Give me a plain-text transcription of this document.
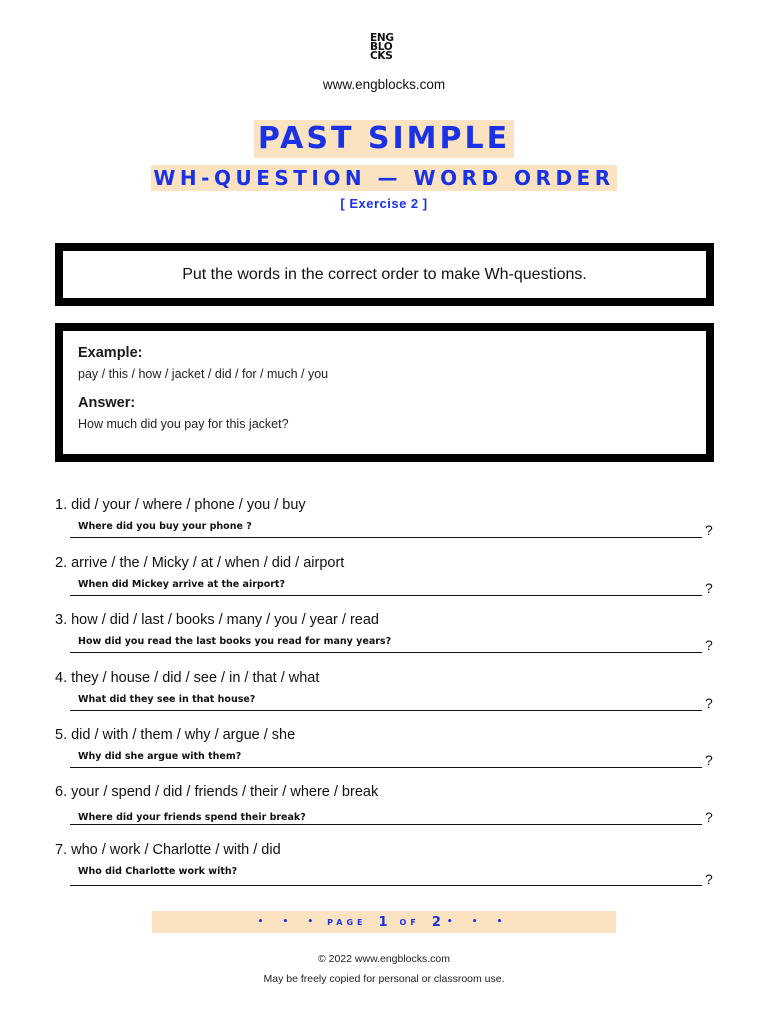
ENG
BLO
CKS
www.engblocks.com
PAST SIMPLE
WH-QUESTION — WORD ORDER
[ Exercise 2 ]
Put the words in the correct order to make Wh-questions.

Example:

pay / this / how / jacket / did / for / much / you

Answer:

How much did you pay for this jacket?

1. did / your / where / phone / you / buy
Where did you buy your phone ?	?
2. arrive / the / Micky / at / when / did / airport
When did Mickey arrive at the airport?	?
3. how / did / last / books / many / you / year / read
How did you read the last books you read for many years?	?
4. they / house / did / see / in / that / what
What did they see in that house?	?
5. did / with / them / why / argue / she
Why did she argue with them?	?
6. your / spend / did / friends / their / where / break
Where did your friends spend their break?	?
7. who / work / Charlotte / with / did
Who did Charlotte work with?	?
• • • PAGE 1 OF 2 • • •
© 2022 www.engblocks.com
May be freely copied for personal or classroom use.
